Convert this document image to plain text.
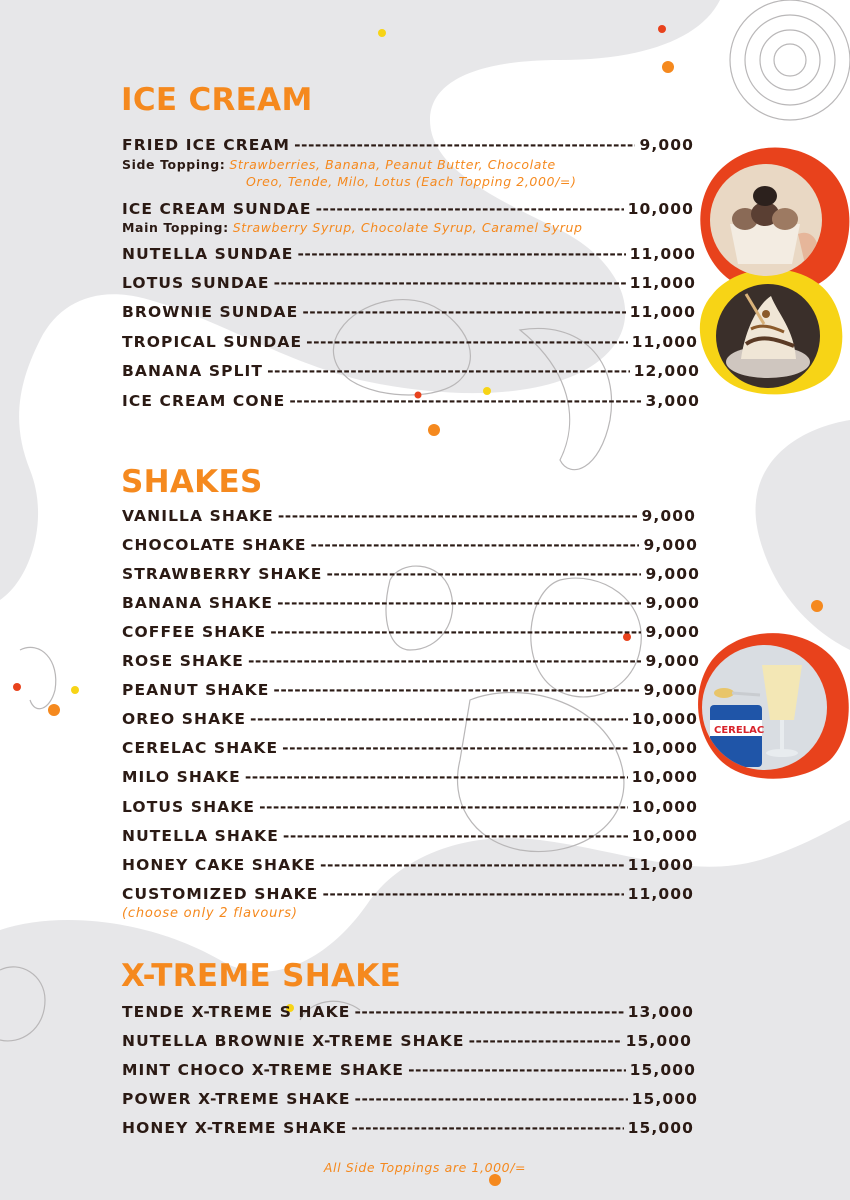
CERELAC
ICE CREAM
FRIED ICE CREAM -----	9,000
Side Topping: Strawberries, Banana, Peanut Butter, Chocolate
Oreo, Tende, Milo, Lotus (Each Topping 2,000/=)
ICE CREAM SUNDAE -----	10,000
Main Topping: Strawberry Syrup, Chocolate Syrup, Caramel Syrup
NUTELLA SUNDAE -----	11,000
LOTUS SUNDAE -----	11,000
BROWNIE SUNDAE -----	11,000
TROPICAL SUNDAE -----	11,000
BANANA SPLIT -----	12,000
ICE CREAM CONE -----	3,000
SHAKES
VANILLA SHAKE -----	9,000
CHOCOLATE SHAKE -----	9,000
STRAWBERRY SHAKE -----	9,000
BANANA SHAKE -----	9,000
COFFEE SHAKE -----	9,000
ROSE SHAKE -----	9,000
PEANUT SHAKE -----	9,000
OREO SHAKE -----	10,000
CERELAC SHAKE -----	10,000
MILO SHAKE -----	10,000
LOTUS SHAKE -----	10,000
NUTELLA SHAKE -----	10,000
HONEY CAKE SHAKE -----	11,000
CUSTOMIZED SHAKE -----	11,000
(choose only 2 flavours)
X-TREME SHAKE
TENDE X-TREME S HAKE -----	13,000
NUTELLA BROWNIE X-TREME SHAKE -----	15,000
MINT CHOCO X-TREME SHAKE -----	15,000
POWER X-TREME SHAKE -----	15,000
HONEY X-TREME SHAKE -----	15,000
All Side Toppings are 1,000/=
